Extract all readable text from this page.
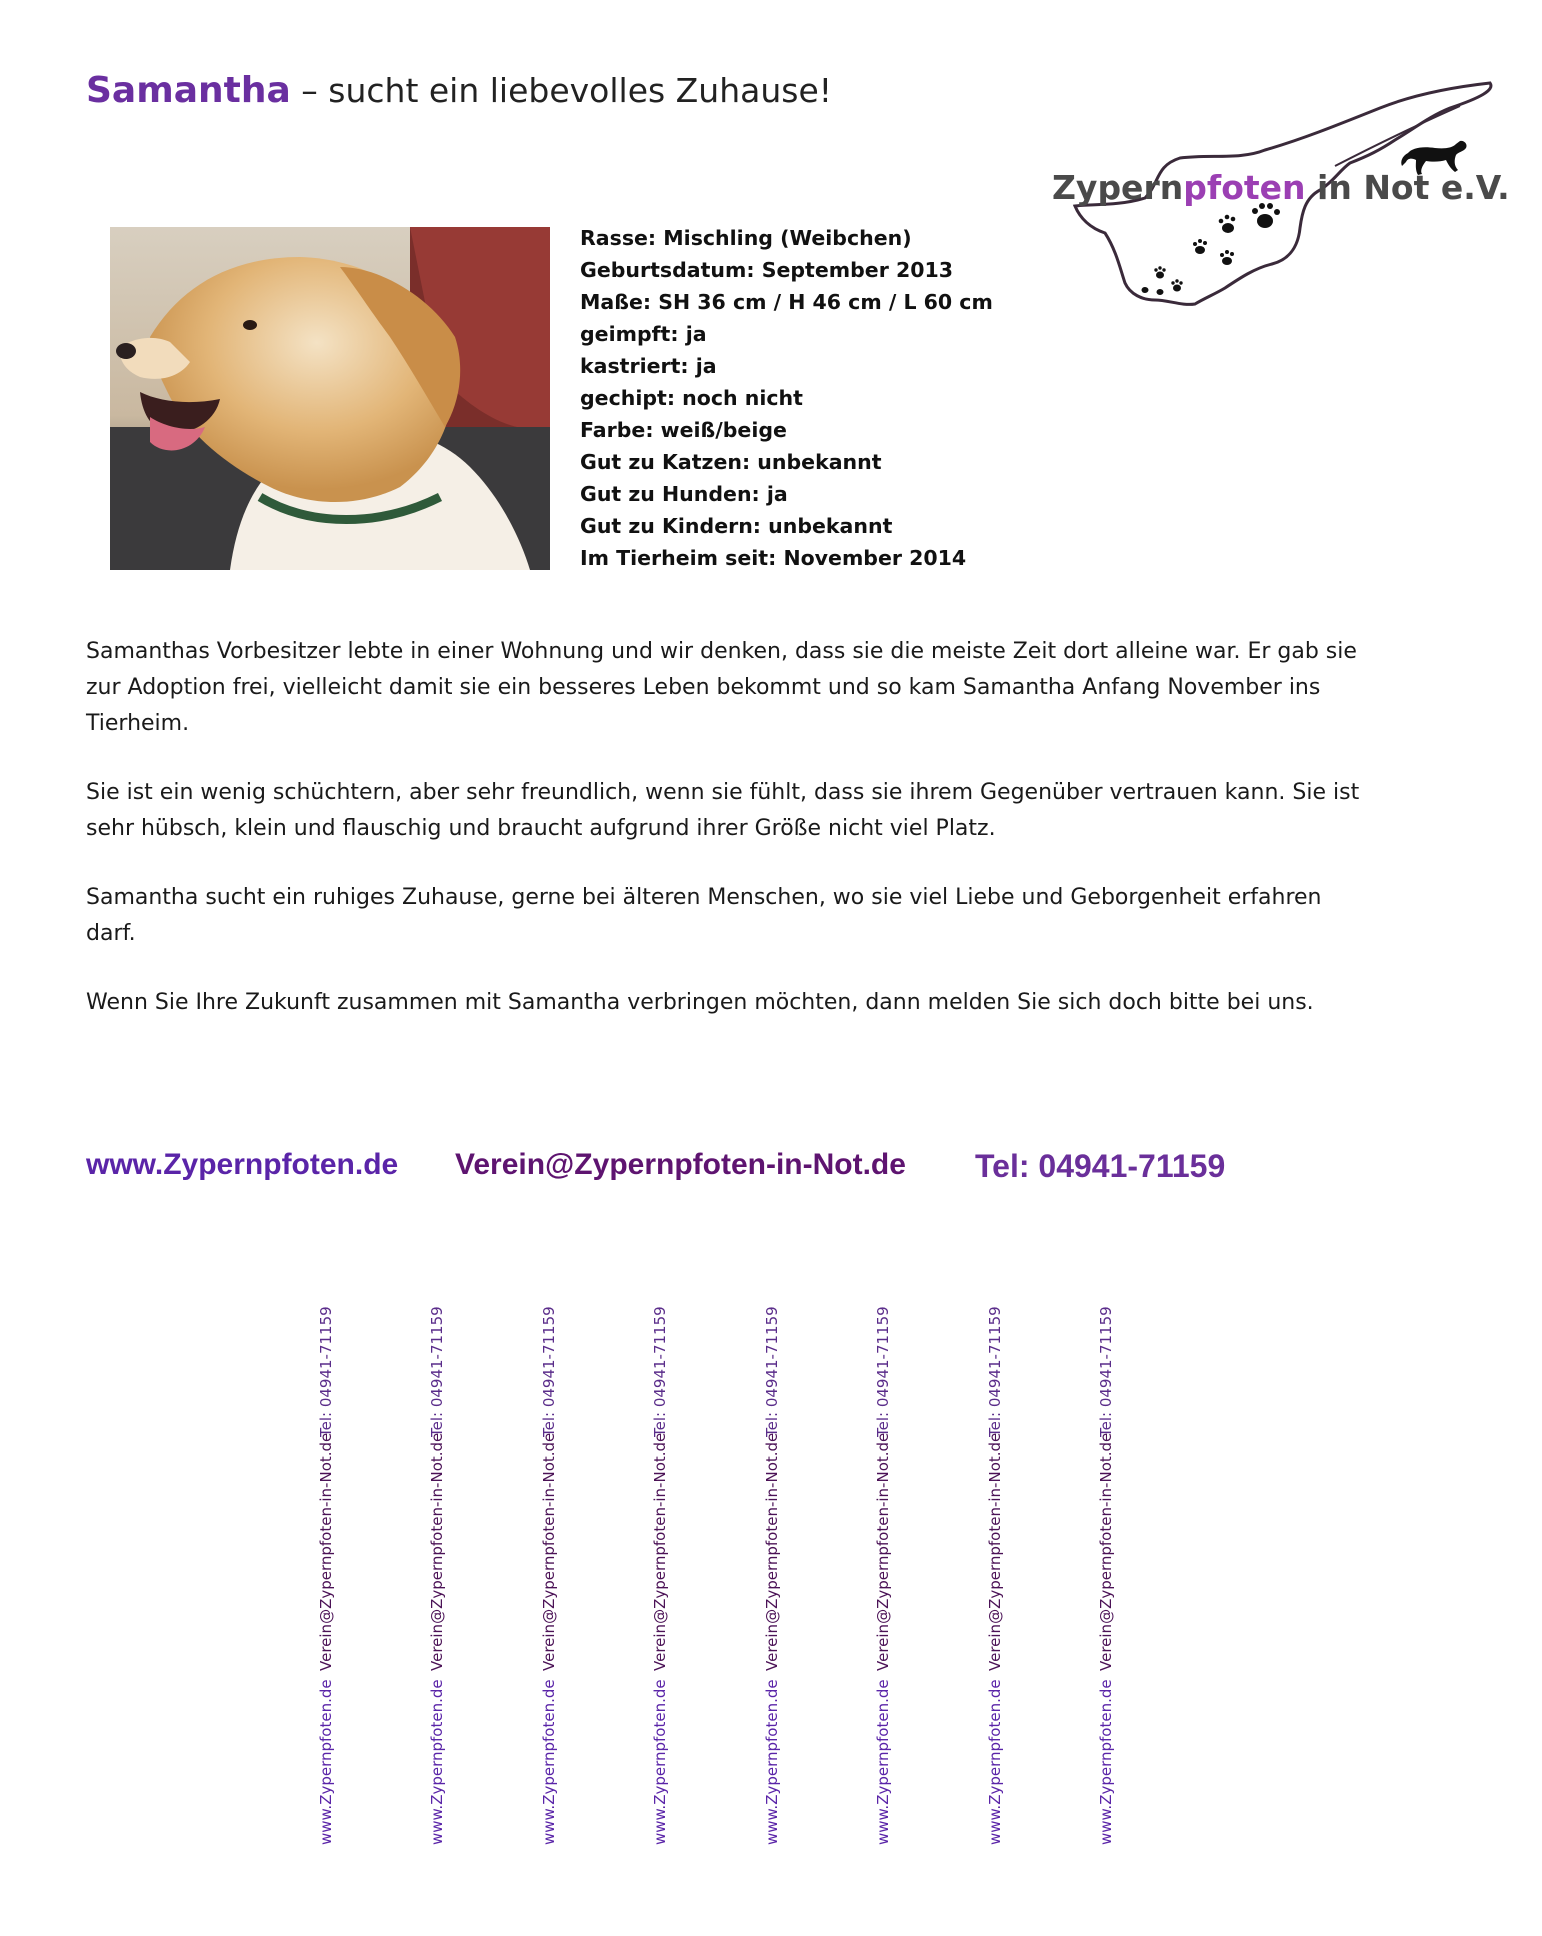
Samantha – sucht ein liebevolles Zuhause!
Zypernpfoten in Not e.V.
Rasse: Mischling (Weibchen)
Geburtsdatum: September 2013
Maße: SH 36 cm / H 46 cm / L 60 cm
geimpft: ja
kastriert: ja
gechipt: noch nicht
Farbe: weiß/beige
Gut zu Katzen: unbekannt
Gut zu Hunden: ja
Gut zu Kindern: unbekannt
Im Tierheim seit: November 2014

Samanthas Vorbesitzer lebte in einer Wohnung und wir denken, dass sie die meiste Zeit dort alleine war. Er gab sie zur Adoption frei, vielleicht damit sie ein besseres Leben bekommt und so kam Samantha Anfang November ins Tierheim.

Sie ist ein wenig schüchtern, aber sehr freundlich, wenn sie fühlt, dass sie ihrem Gegenüber vertrauen kann. Sie ist sehr hübsch, klein und flauschig und braucht aufgrund ihrer Größe nicht viel Platz.

Samantha sucht ein ruhiges Zuhause, gerne bei älteren Menschen, wo sie viel Liebe und Geborgenheit erfahren darf.

Wenn Sie Ihre Zukunft zusammen mit Samantha verbringen möchten, dann melden Sie sich doch bitte bei uns.

www.Zypernpfoten.de Verein@Zypernpfoten-in-Not.de Tel: 04941-71159
Tel: 04941-71159
Verein@Zypernpfoten-in-Not.de
www.Zypernpfoten.de
Tel: 04941-71159
Verein@Zypernpfoten-in-Not.de
www.Zypernpfoten.de
Tel: 04941-71159
Verein@Zypernpfoten-in-Not.de
www.Zypernpfoten.de
Tel: 04941-71159
Verein@Zypernpfoten-in-Not.de
www.Zypernpfoten.de
Tel: 04941-71159
Verein@Zypernpfoten-in-Not.de
www.Zypernpfoten.de
Tel: 04941-71159
Verein@Zypernpfoten-in-Not.de
www.Zypernpfoten.de
Tel: 04941-71159
Verein@Zypernpfoten-in-Not.de
www.Zypernpfoten.de
Tel: 04941-71159
Verein@Zypernpfoten-in-Not.de
www.Zypernpfoten.de
